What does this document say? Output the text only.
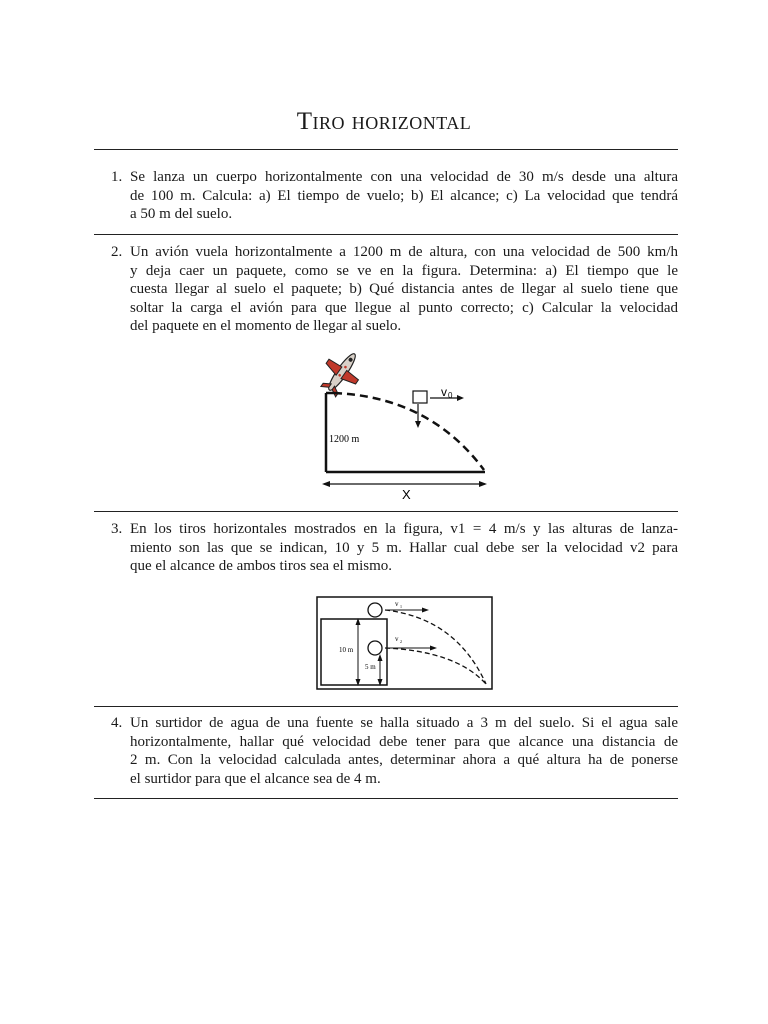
Tiro horizontal
1. Se lanza un cuerpo horizontalmente con una velocidad de 30 m/s desde una altura
de 100 m. Calcula: a) El tiempo de vuelo; b) El alcance; c) La velocidad que tendrá
a 50 m del suelo.
2. Un avión vuela horizontalmente a 1200 m de altura, con una velocidad de 500 km/h
y deja caer un paquete, como se ve en la figura. Determina: a) El tiempo que le
cuesta llegar al suelo el paquete; b) Qué distancia antes de llegar al suelo tiene que
soltar la carga el avión para que llegue al punto correcto; c) Calcular la velocidad
del paquete en el momento de llegar al suelo.
v 0
1200 m
X
3. En los tiros horizontales mostrados en la figura, v1 = 4 m/s y las alturas de lanza-
miento son las que se indican, 10 y 5 m. Hallar cual debe ser la velocidad v2 para
que el alcance de ambos tiros sea el mismo.
v 1
v 2
10 m
5 m
4. Un surtidor de agua de una fuente se halla situado a 3 m del suelo. Si el agua sale
horizontalmente, hallar qué velocidad debe tener para que alcance una distancia de
2 m. Con la velocidad calculada antes, determinar ahora a qué altura ha de ponerse
el surtidor para que el alcance sea de 4 m.
